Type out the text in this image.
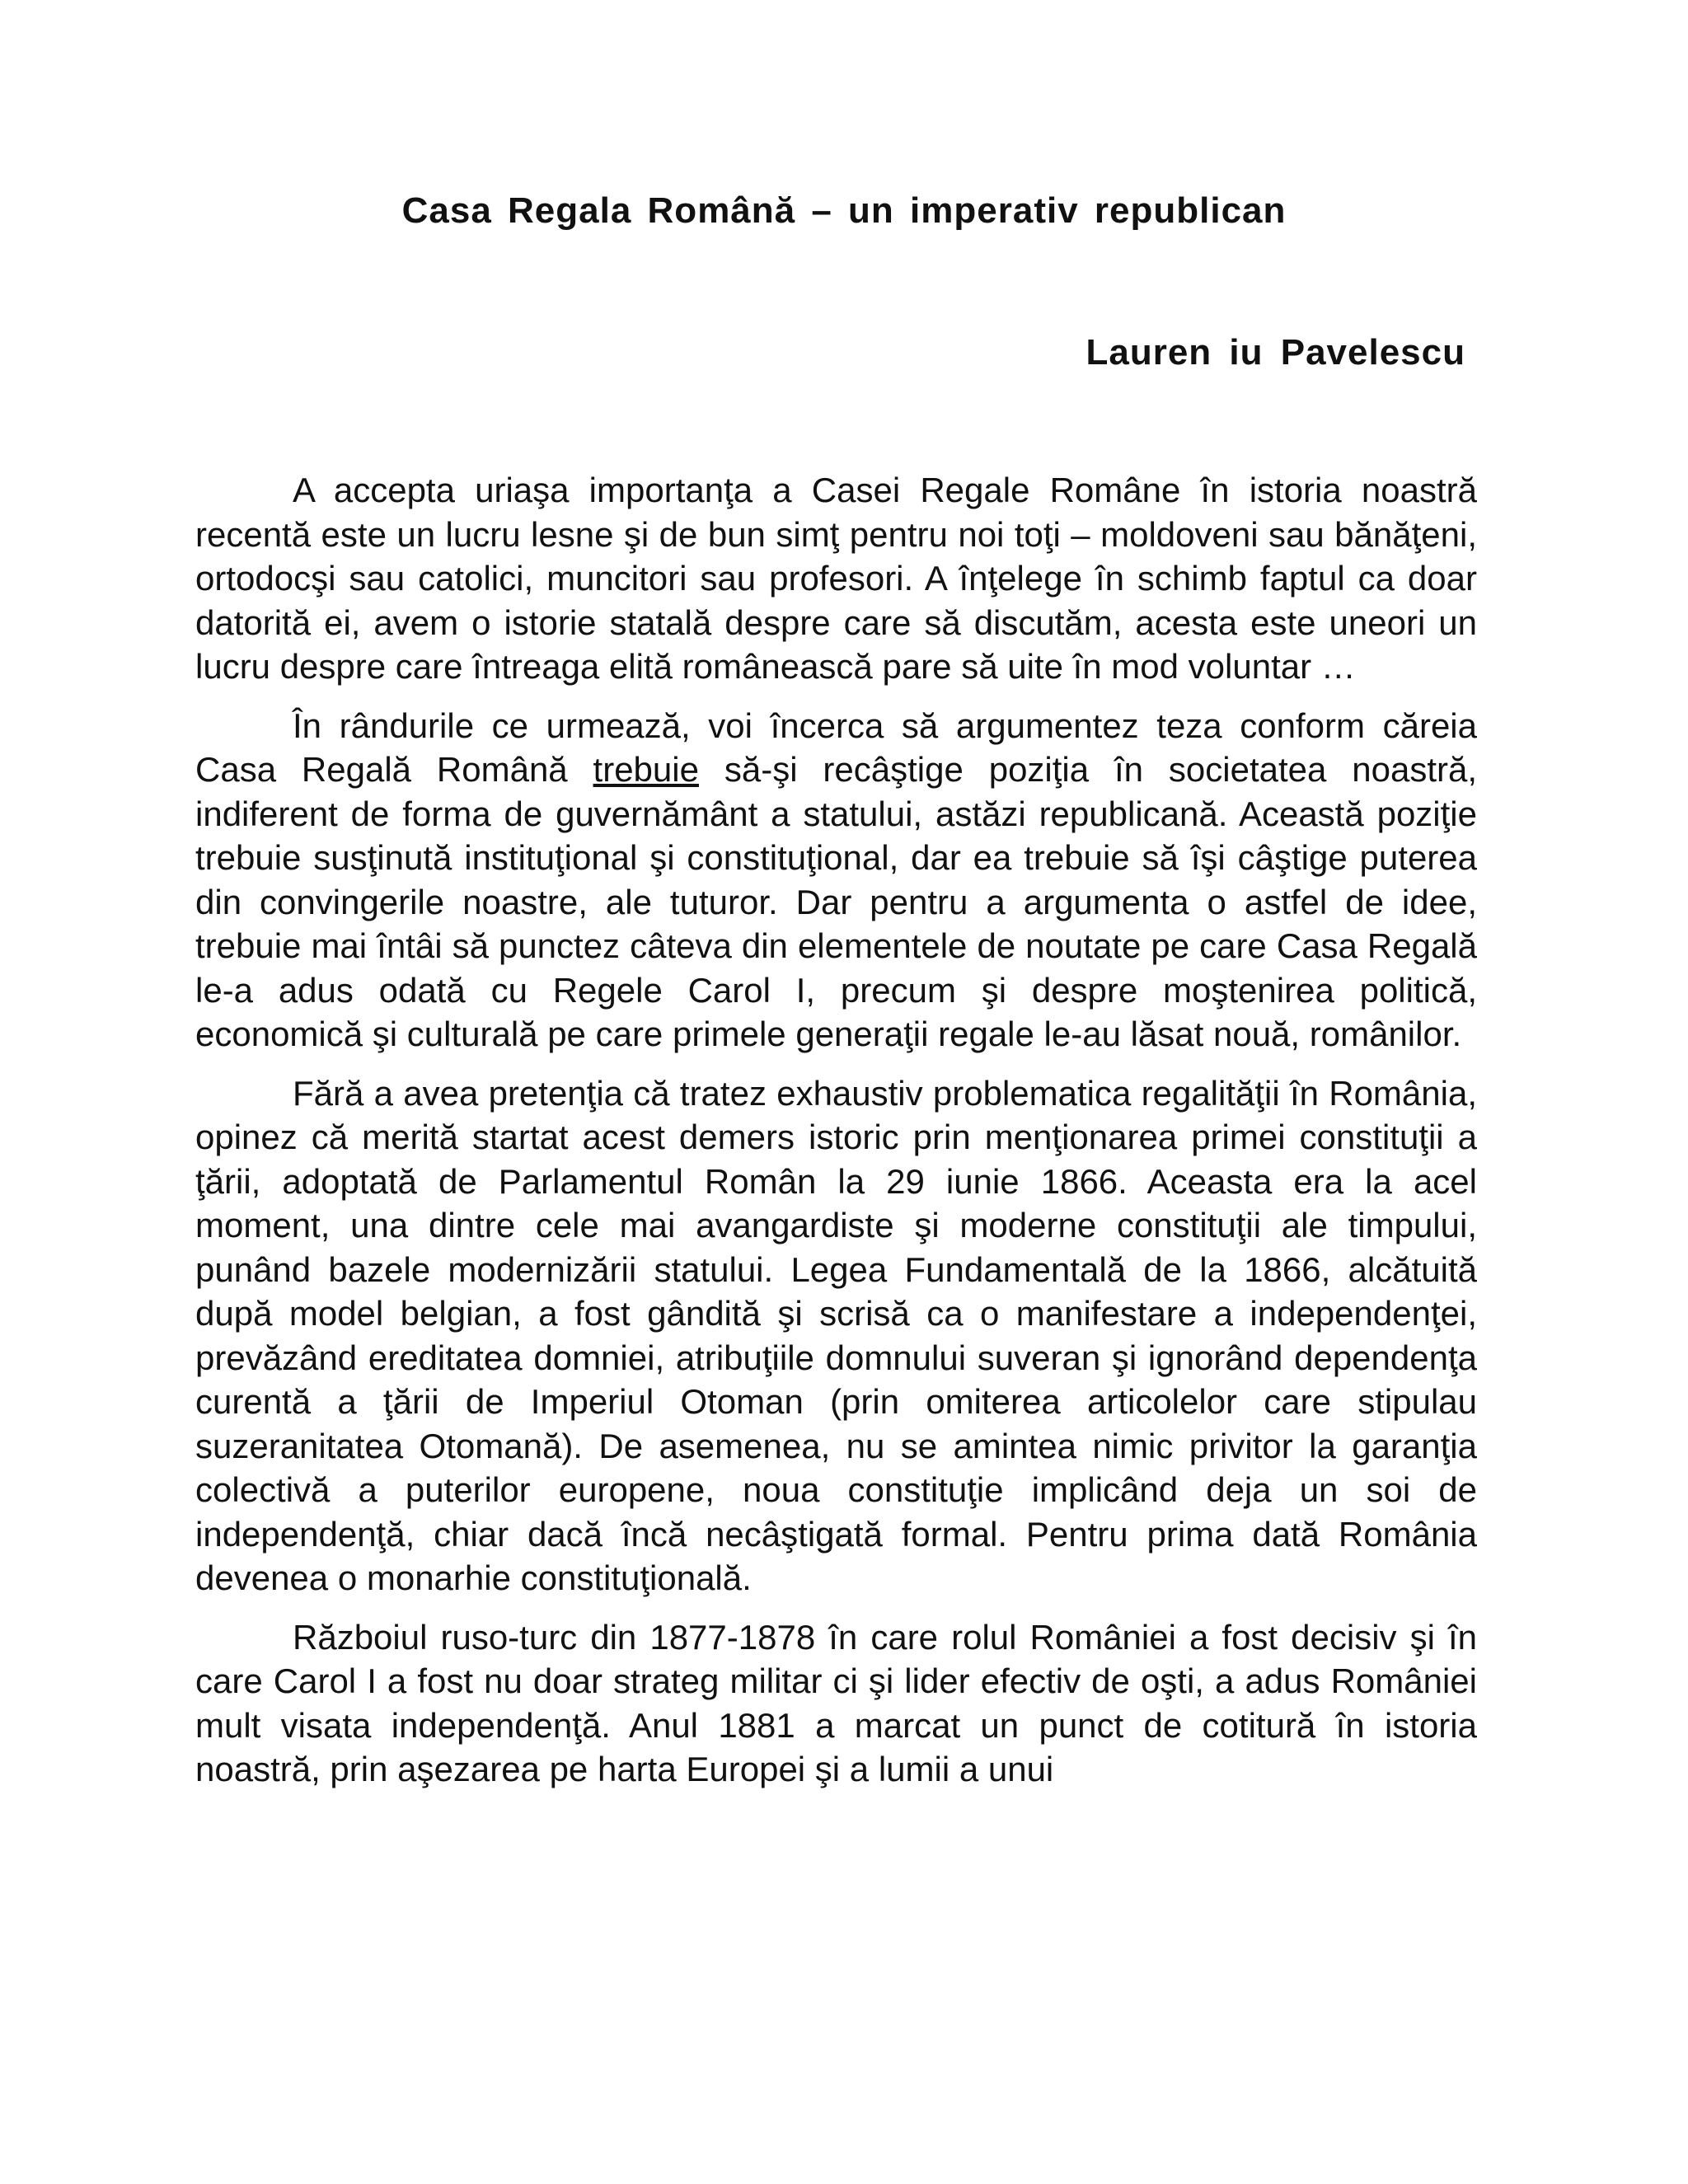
Casa Regala Română – un imperativ republican
Lauren iu Pavelescu

A accepta uriaşa importanţa a Casei Regale Române în istoria noastră recentă este un lucru lesne şi de bun simţ pentru noi toţi – moldoveni sau bănăţeni, ortodocşi sau catolici, muncitori sau profesori. A înţelege în schimb faptul ca doar datorită ei, avem o istorie statală despre care să discutăm, acesta este uneori un lucru despre care întreaga elită românească pare să uite în mod voluntar …

În rândurile ce urmează, voi încerca să argumentez teza conform căreia Casa Regală Română trebuie să-şi recâştige poziţia în societatea noastră, indiferent de forma de guvernământ a statului, astăzi republicană. Această poziţie trebuie susţinută instituţional şi constituţional, dar ea trebuie să îşi câştige puterea din convingerile noastre, ale tuturor. Dar pentru a argumenta o astfel de idee, trebuie mai întâi să punctez câteva din elementele de noutate pe care Casa Regală le-a adus odată cu Regele Carol I, precum şi despre moştenirea politică, economică şi culturală pe care primele generaţii regale le-au lăsat nouă, românilor.

Fără a avea pretenţia că tratez exhaustiv problematica regalităţii în România, opinez că merită startat acest demers istoric prin menţionarea primei constituţii a ţării, adoptată de Parlamentul Român la 29 iunie 1866. Aceasta era la acel moment, una dintre cele mai avangardiste şi moderne constituţii ale timpului, punând bazele modernizării statului. Legea Fundamentală de la 1866, alcătuită după model belgian, a fost gândită şi scrisă ca o manifestare a independenţei, prevăzând ereditatea domniei, atribuţiile domnului suveran şi ignorând dependenţa curentă a ţării de Imperiul Otoman (prin omiterea articolelor care stipulau suzeranitatea Otomană). De asemenea, nu se amintea nimic privitor la garanţia colectivă a puterilor europene, noua constituţie implicând deja un soi de independenţă, chiar dacă încă necâştigată formal. Pentru prima dată România devenea o monarhie constituţională.

Războiul ruso-turc din 1877-1878 în care rolul României a fost decisiv şi în care Carol I a fost nu doar strateg militar ci şi lider efectiv de oşti, a adus României mult visata independenţă. Anul 1881 a marcat un punct de cotitură în istoria noastră, prin aşezarea pe harta Europei şi a lumii a unui
